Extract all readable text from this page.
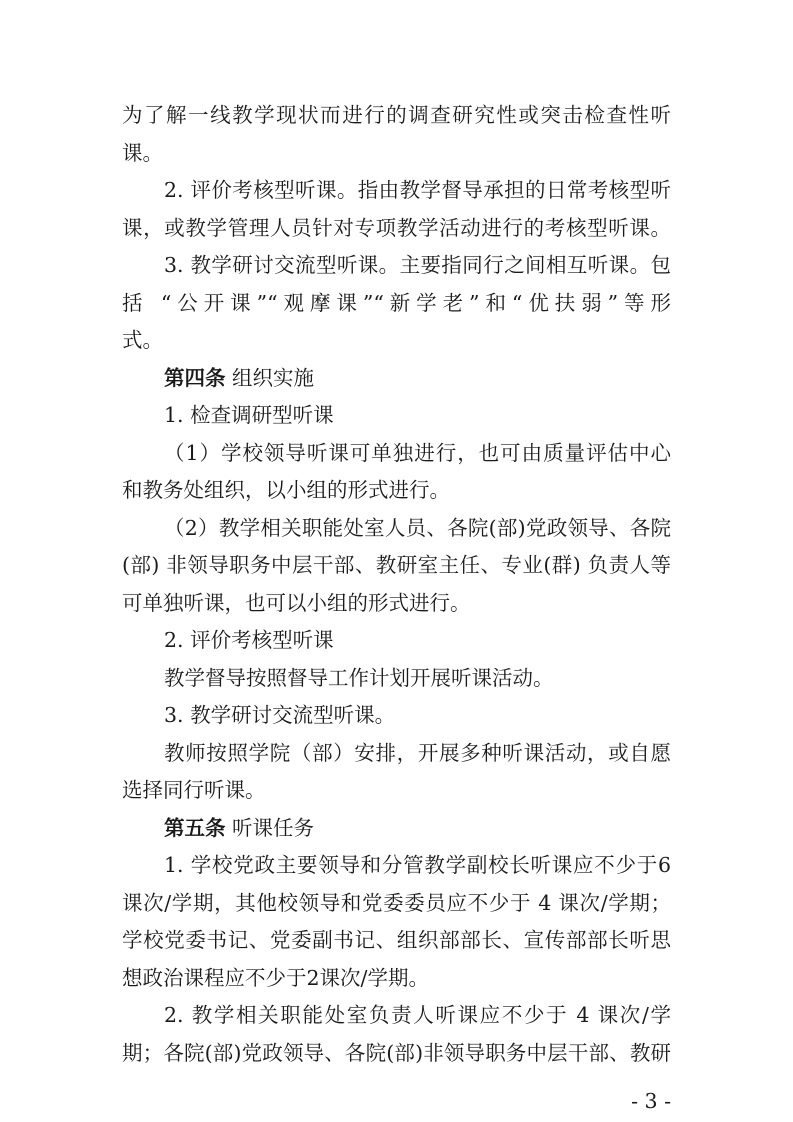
为了解一线教学现状而进行的调查研究性或突击检查性听
课。
2. 评价考核型听课。指由教学督导承担的日常考核型听
课，或教学管理人员针对专项教学活动进行的考核型听课。
3. 教学研讨交流型听课。主要指同行之间相互听课。包
括 “公开课”“观摩课”“新学老”和“优扶弱”等形
式。
第四条 组织实施
1. 检查调研型听课
（1）学校领导听课可单独进行，也可由质量评估中心
和教务处组织，以小组的形式进行。
（2）教学相关职能处室人员、各院(部)党政领导、各院
(部) 非领导职务中层干部、教研室主任、专业(群) 负责人等
可单独听课，也可以小组的形式进行。
2. 评价考核型听课
教学督导按照督导工作计划开展听课活动。
3. 教学研讨交流型听课。
教师按照学院（部）安排，开展多种听课活动，或自愿
选择同行听课。
第五条 听课任务
1. 学校党政主要领导和分管教学副校长听课应不少于6
课次/学期，其他校领导和党委委员应不少于 4 课次/学期；
学校党委书记、党委副书记、组织部部长、宣传部部长听思
想政治课程应不少于2课次/学期。
2. 教学相关职能处室负责人听课应不少于 4 课次/学
期；各院(部)党政领导、各院(部)非领导职务中层干部、教研
- 3 -
